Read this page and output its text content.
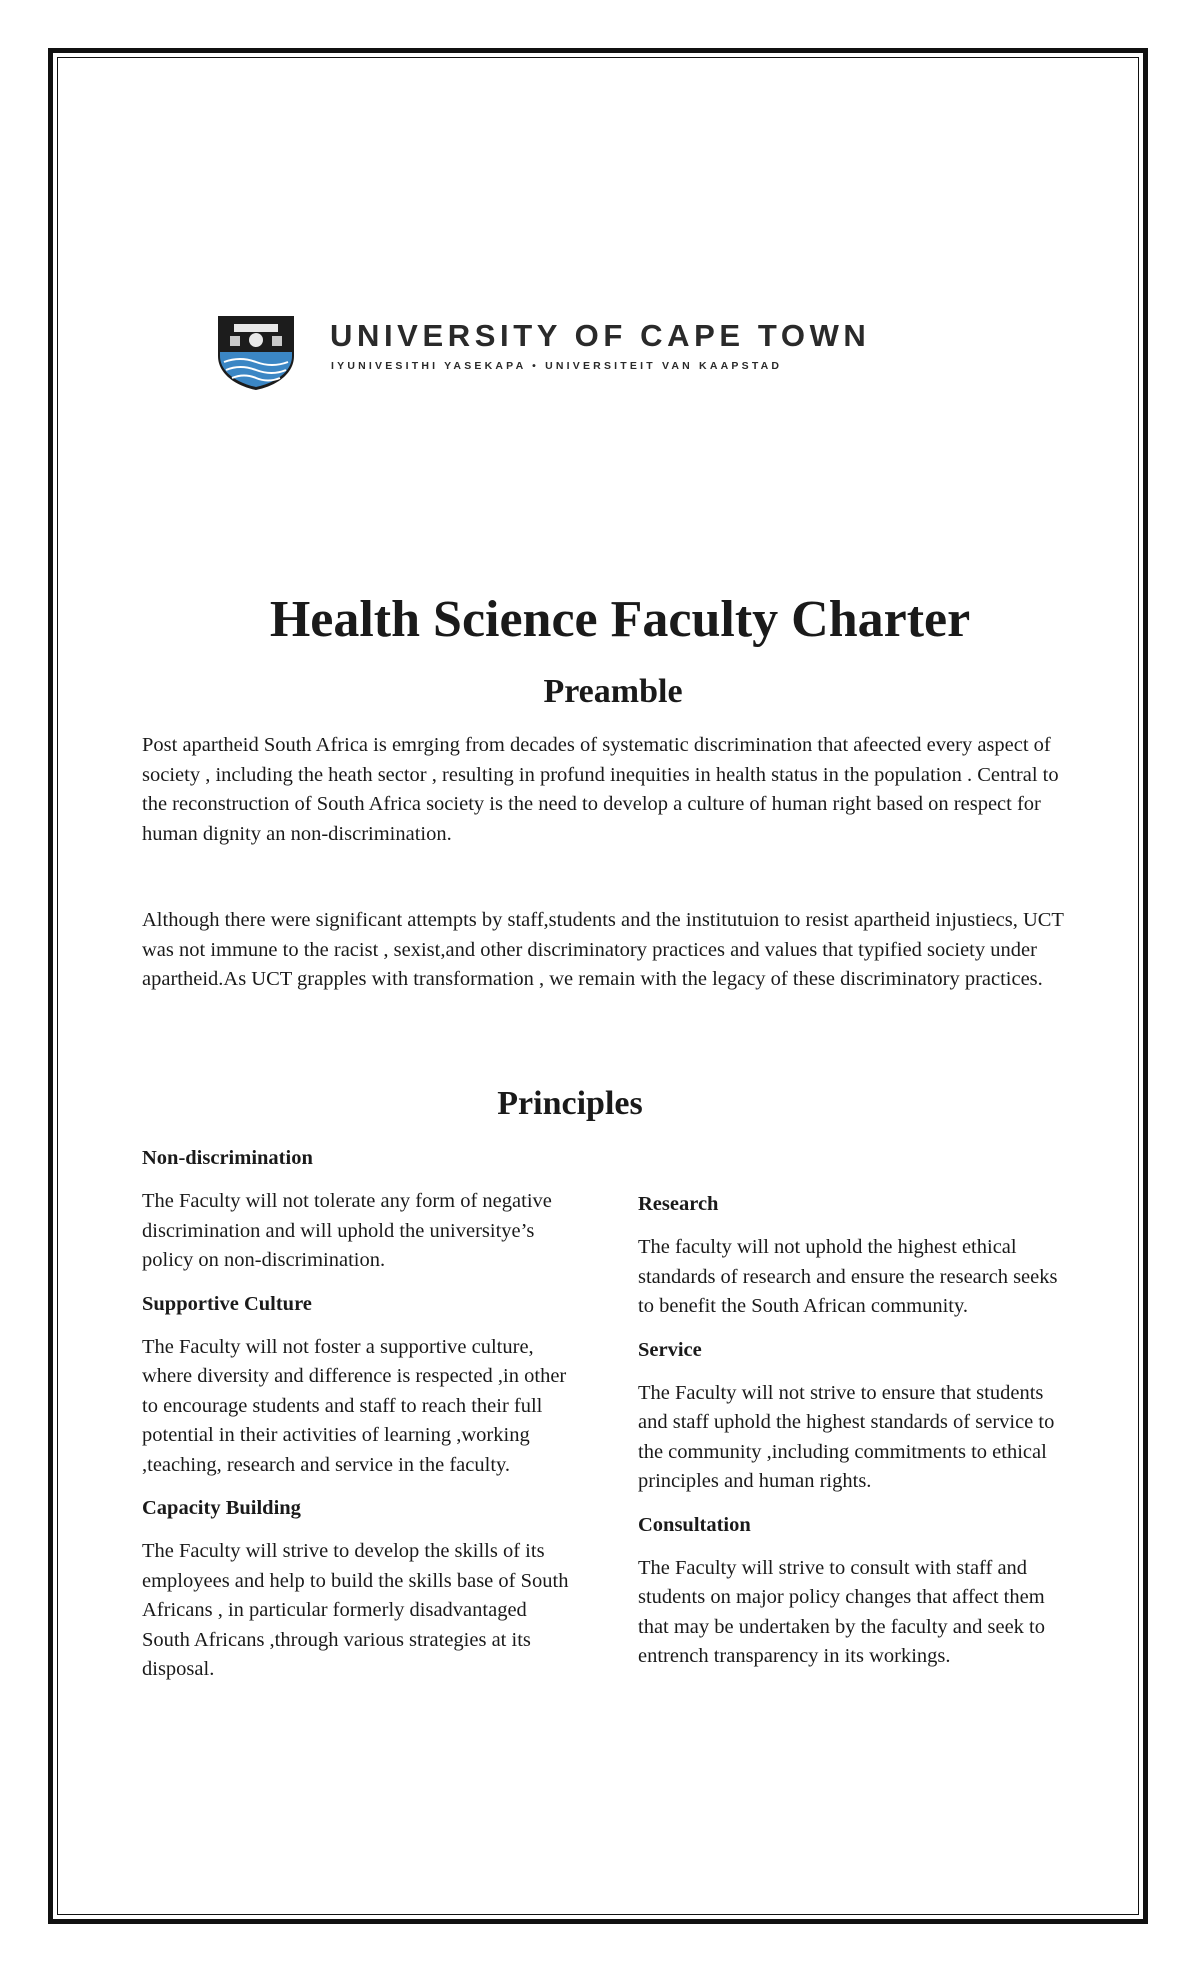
UNIVERSITY OF CAPE TOWN
IYUNIVESITHI YASEKAPA • UNIVERSITEIT VAN KAAPSTAD
Health Science Faculty Charter
Preamble

Post apartheid South Africa is emrging from decades of systematic discrimination that afeected every aspect of society , including the heath sector , resulting in profund inequities in health status in the population . Central to the reconstruction of South Africa society is the need to develop a culture of human right based on respect for human dignity an non-discrimination.

Although there were significant attempts by staff,students and the institutuion to resist apartheid injustiecs, UCT was not immune to the racist , sexist,and other discriminatory practices and values that typified society under apartheid.As UCT grapples with transformation , we remain with the legacy of these discriminatory practices.

Principles

Non-discrimination

The Faculty will not tolerate any form of negative discrimination and will uphold the universitye’s policy on non-discrimination.

Supportive Culture

The Faculty will not foster a supportive culture, where diversity and difference is respected ,in other to encourage students and staff to reach their full potential in their activities of learning ,working ,teaching, research and service in the faculty.

Capacity Building

The Faculty will strive to develop the skills of its employees and help to build the skills base of South Africans , in particular formerly disadvantaged South Africans ,through various strategies at its disposal.

Research

The faculty will not uphold the highest ethical standards of research and ensure the research seeks to benefit the South African community.

Service

The Faculty will not strive to ensure that students and staff uphold the highest standards of service to the community ,including commitments to ethical principles and human rights.

Consultation

The Faculty will strive to consult with staff and students on major policy changes that affect them that may be undertaken by the faculty and seek to entrench transparency in its workings.
